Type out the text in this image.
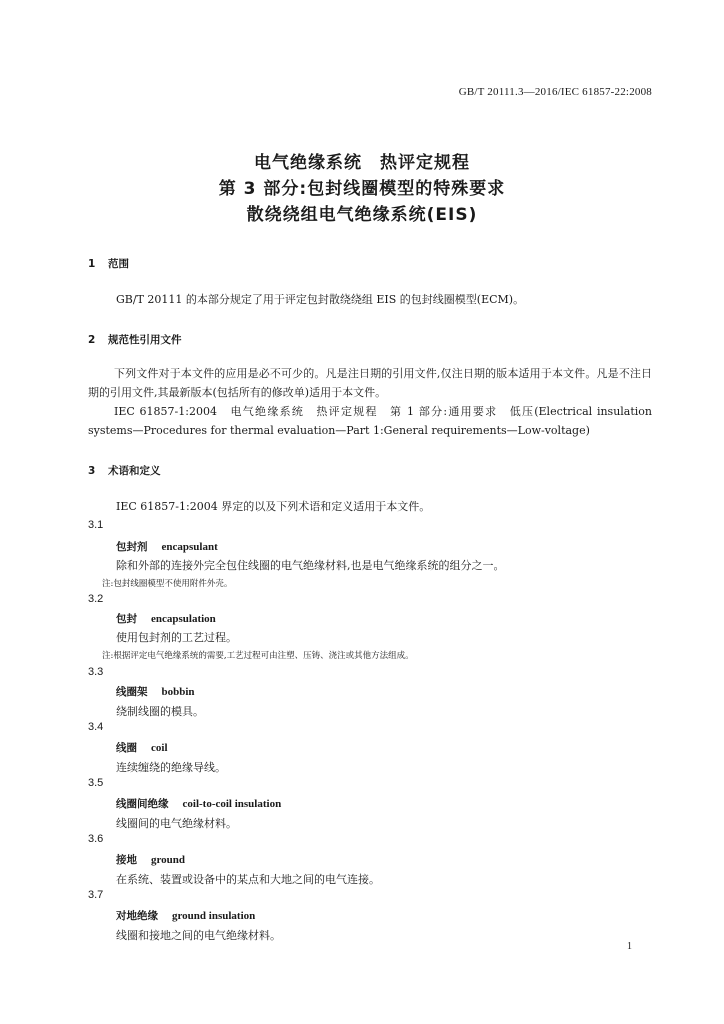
GB/T 20111.3—2016/IEC 61857-22:2008
电气绝缘系统　热评定规程
第 3 部分:包封线圈模型的特殊要求
散绕绕组电气绝缘系统(EIS)
1 范围
GB/T 20111 的本部分规定了用于评定包封散绕绕组 EIS 的包封线圈模型(ECM)。
2 规范性引用文件
下列文件对于本文件的应用是必不可少的。凡是注日期的引用文件,仅注日期的版本适用于本文件。凡是不注日期的引用文件,其最新版本(包括所有的修改单)适用于本文件。
IEC 61857-1:2004　电气绝缘系统　热评定规程　第 1 部分:通用要求　低压(Electrical insulation systems—Procedures for thermal evaluation—Part 1:General requirements—Low-voltage)
3 术语和定义
IEC 61857-1:2004 界定的以及下列术语和定义适用于本文件。
3.1
包封剂 encapsulant
除和外部的连接外完全包住线圈的电气绝缘材料,也是电气绝缘系统的组分之一。
注:包封线圈模型不使用附件外壳。
3.2
包封 encapsulation
使用包封剂的工艺过程。
注:根据评定电气绝缘系统的需要,工艺过程可由注塑、压铸、浇注或其他方法组成。
3.3
线圈架 bobbin
绕制线圈的模具。
3.4
线圈 coil
连续缠绕的绝缘导线。
3.5
线圈间绝缘 coil-to-coil insulation
线圈间的电气绝缘材料。
3.6
接地 ground
在系统、装置或设备中的某点和大地之间的电气连接。
3.7
对地绝缘 ground insulation
线圈和接地之间的电气绝缘材料。
1
